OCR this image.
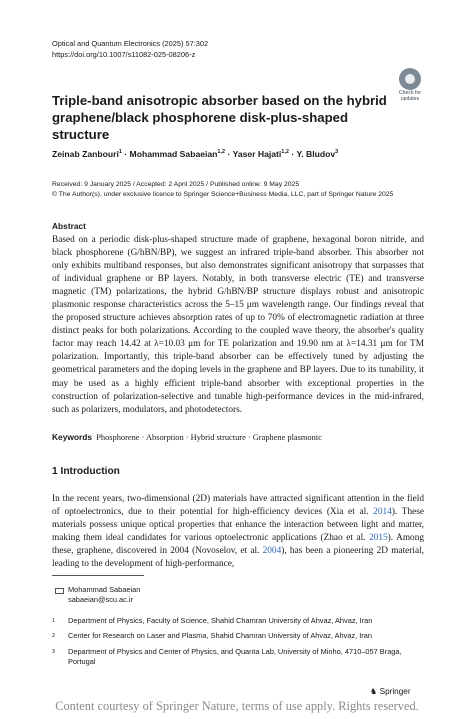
Optical and Quantum Electronics (2025) 57:302
https://doi.org/10.1007/s11082-025-08206-z
Check for
updates
Triple-band anisotropic absorber based on the hybrid
graphene/black phosphorene disk-plus-shaped structure
Zeinab Zanbouri$^1$ · Mohammad Sabaeian$^{1,2}$ · Yaser Hajati$^{1,2}$ · Y. Bludov$^3$
Received: 9 January 2025 / Accepted: 2 April 2025 / Published online: 9 May 2025
© The Author(s), under exclusive licence to Springer Science+Business Media, LLC, part of Springer Nature 2025
Abstract
Based on a periodic disk-plus-shaped structure made of graphene, hexagonal boron nitride, and black phosphorene (G/hBN/BP), we suggest an infrared triple-band absorber. This absorber not only exhibits multiband responses, but also demonstrates significant anisotropy that surpasses that of individual graphene or BP layers. Notably, in both transverse electric (TE) and transverse magnetic (TM) polarizations, the hybrid G/hBN/BP structure displays robust and anisotropic plasmonic response characteristics across the 5–15 μm wavelength range. Our findings reveal that the proposed structure achieves absorption rates of up to 70% of electromagnetic radiation at three distinct peaks for both polarizations. According to the coupled wave theory, the absorber's quality factor may reach 14.42 at λ=10.03 μm for TE polarization and 19.90 nm at λ=14.31 μm for TM polarization. Importantly, this triple-band absorber can be effectively tuned by adjusting the geometrical parameters and the doping levels in the graphene and BP layers. Due to its tunability, it may be used as a highly efficient triple-band absorber with exceptional properties in the construction of polarization-selective and tunable high-performance devices in the mid-infrared, such as polarizers, modulators, and photodetectors.
Keywords Phosphorene · Absorption · Hybrid structure · Graphene plasmonic
1 Introduction
In the recent years, two-dimensional (2D) materials have attracted significant attention in the field of optoelectronics, due to their potential for high-efficiency devices (Xia et al. 2014). These materials possess unique optical properties that enhance the interaction between light and matter, making them ideal candidates for various optoelectronic applications (Zhao et al. 2015). Among these, graphene, discovered in 2004 (Novoselov, et al. 2004), has been a pioneering 2D material, leading to the development of high-performance,
Mohammad Sabaeian
sabaeian@scu.ac.ir
1 Department of Physics, Faculty of Science, Shahid Chamran University of Ahvaz, Ahvaz, Iran
2 Center for Research on Laser and Plasma, Shahid Chamran University of Ahvaz, Ahvaz, Iran
3 Department of Physics and Center of Physics, and Quanta Lab, University of Minho, 4710–057 Braga, Portugal
♞ Springer
Content courtesy of Springer Nature, terms of use apply. Rights reserved.
